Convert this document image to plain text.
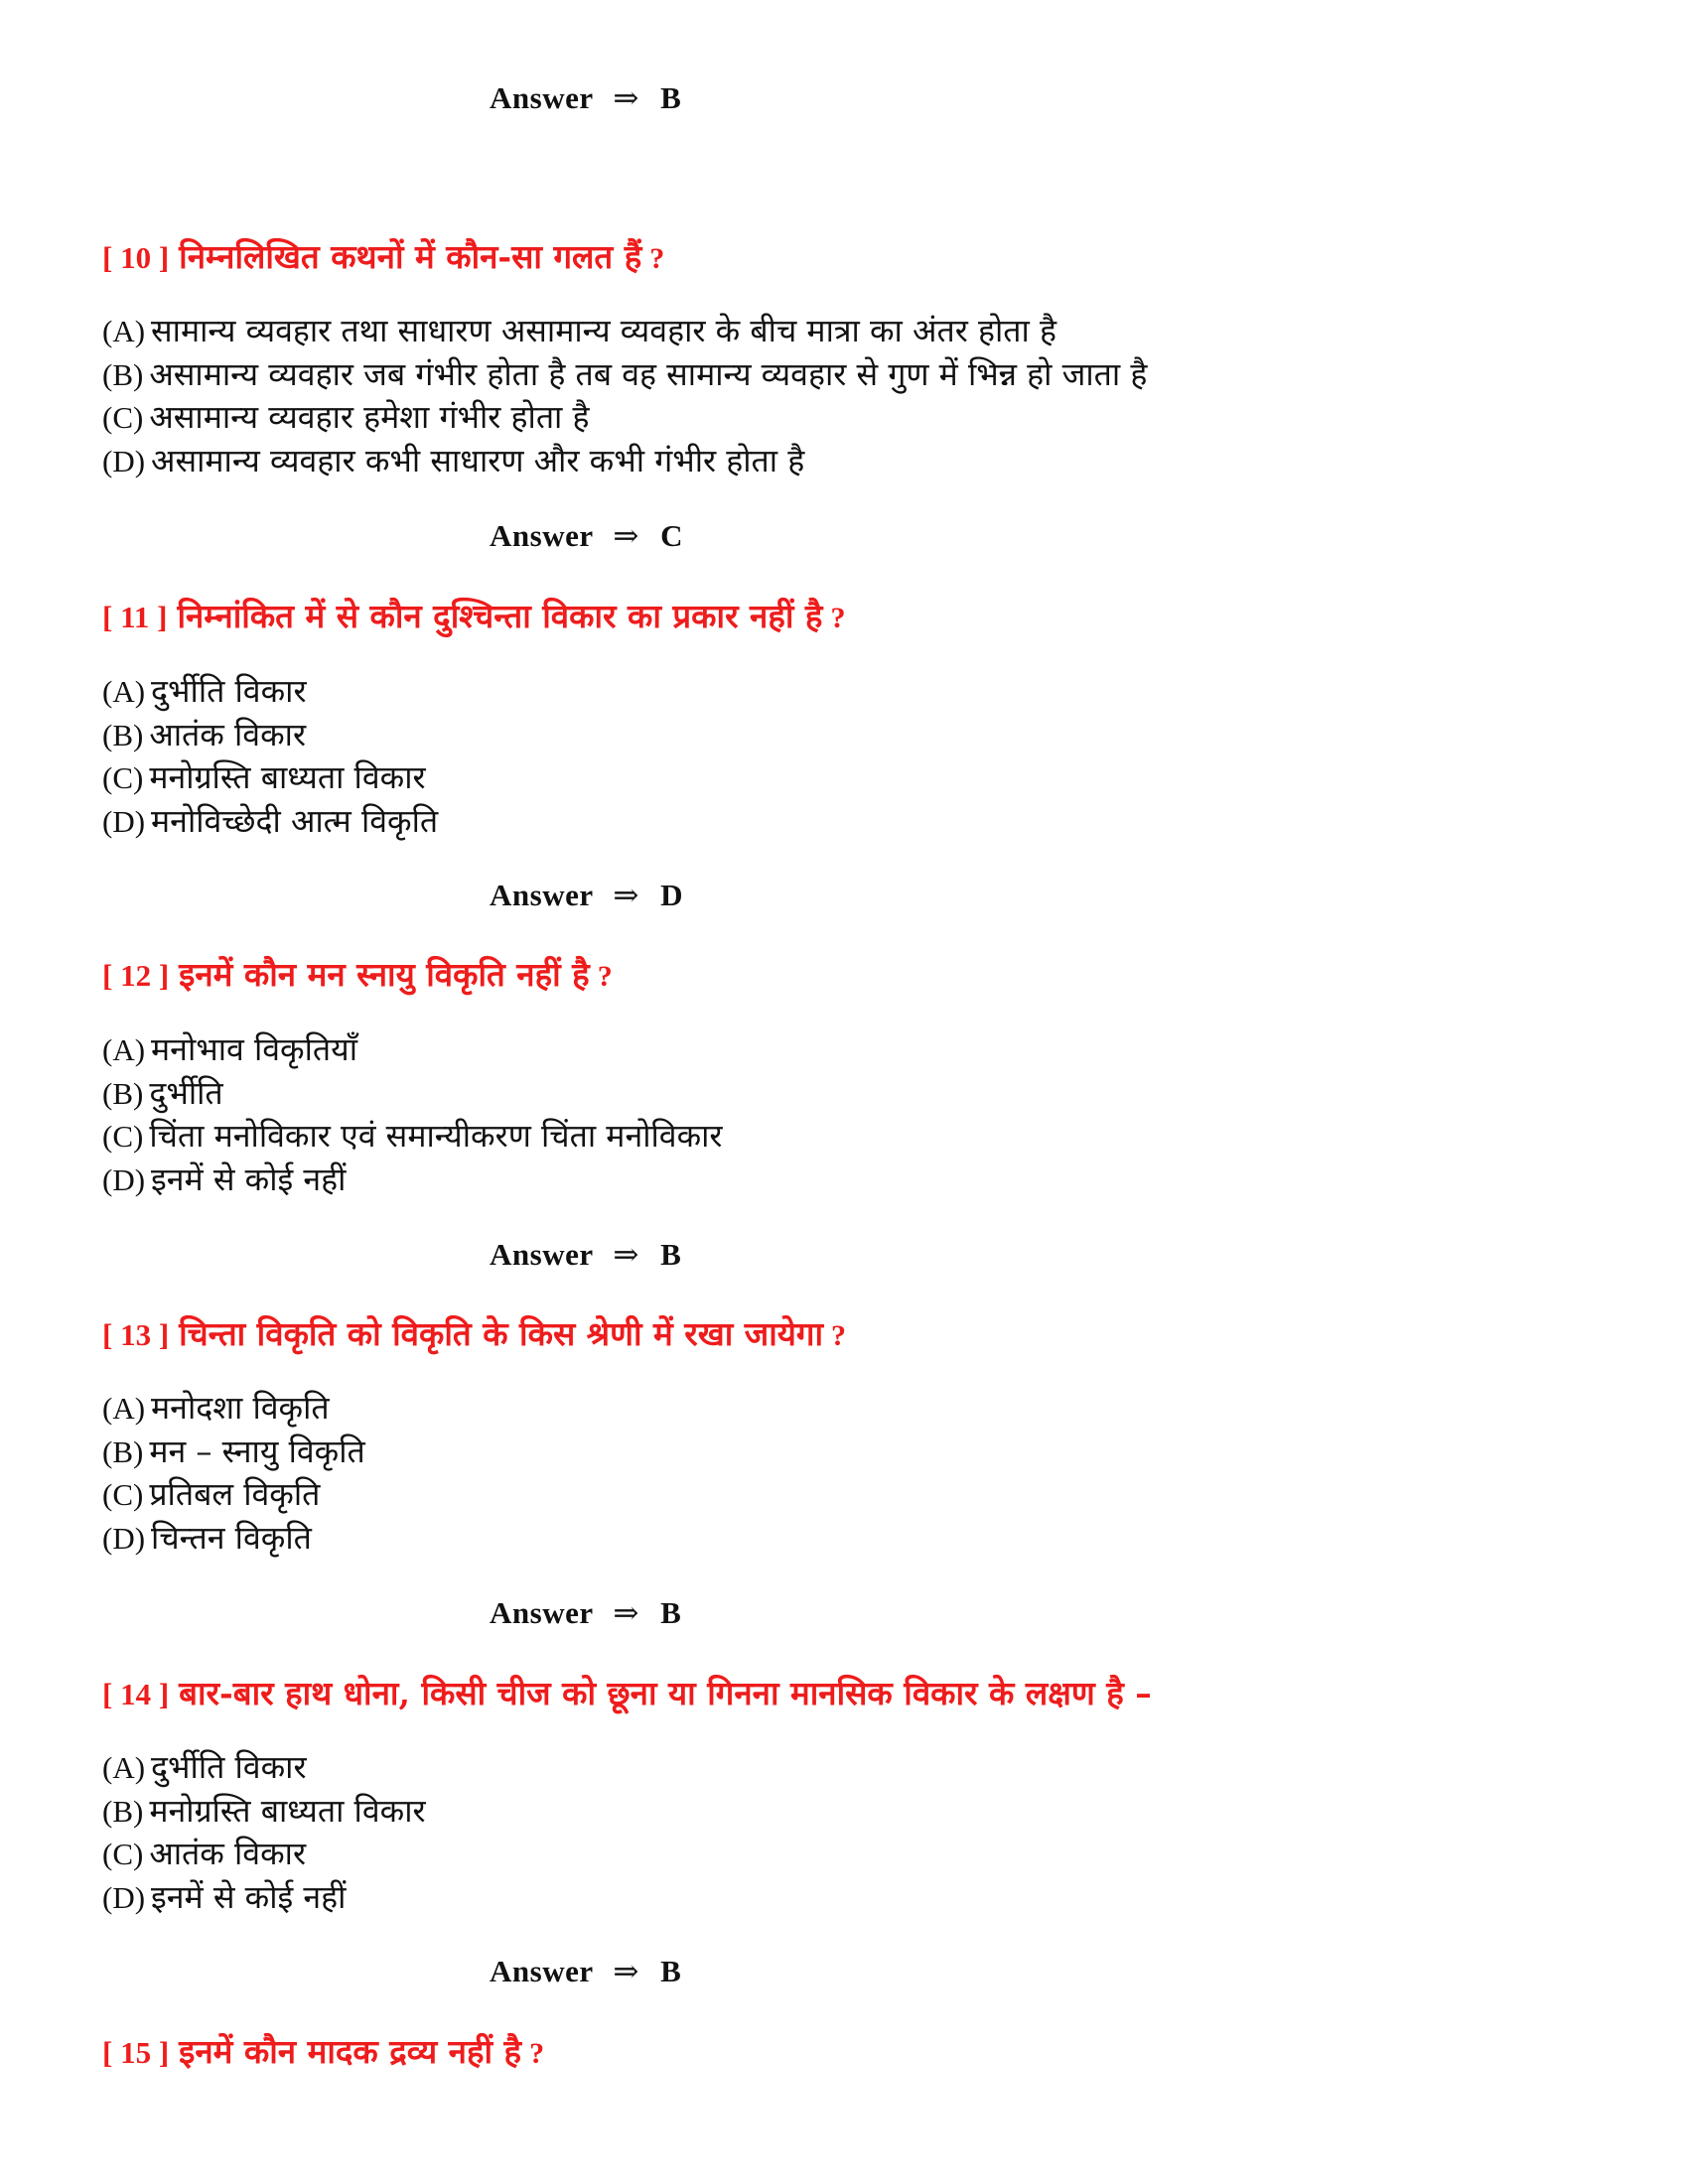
Answer ⇒ B
[ 10 ] निम्नलिखित कथनों में कौन-सा गलत हैं ?
(A) सामान्य व्यवहार तथा साधारण असामान्य व्यवहार के बीच मात्रा का अंतर होता है
(B) असामान्य व्यवहार जब गंभीर होता है तब वह सामान्य व्यवहार से गुण में भिन्न हो जाता है
(C) असामान्य व्यवहार हमेशा गंभीर होता है
(D) असामान्य व्यवहार कभी साधारण और कभी गंभीर होता है
Answer ⇒ C
[ 11 ] निम्नांकित में से कौन दुश्चिन्ता विकार का प्रकार नहीं है ?
(A) दुर्भीति विकार
(B) आतंक विकार
(C) मनोग्रस्ति बाध्यता विकार
(D) मनोविच्छेदी आत्म विकृति
Answer ⇒ D
[ 12 ] इनमें कौन मन स्नायु विकृति नहीं है ?
(A) मनोभाव विकृतियाँ
(B) दुर्भीति
(C) चिंता मनोविकार एवं समान्यीकरण चिंता मनोविकार
(D) इनमें से कोई नहीं
Answer ⇒ B
[ 13 ] चिन्ता विकृति को विकृति के किस श्रेणी में रखा जायेगा ?
(A) मनोदशा विकृति
(B) मन – स्नायु विकृति
(C) प्रतिबल विकृति
(D) चिन्तन विकृति
Answer ⇒ B
[ 14 ] बार-बार हाथ धोना, किसी चीज को छूना या गिनना मानसिक विकार के लक्षण है –
(A) दुर्भीति विकार
(B) मनोग्रस्ति बाध्यता विकार
(C) आतंक विकार
(D) इनमें से कोई नहीं
Answer ⇒ B
[ 15 ] इनमें कौन मादक द्रव्य नहीं है ?
